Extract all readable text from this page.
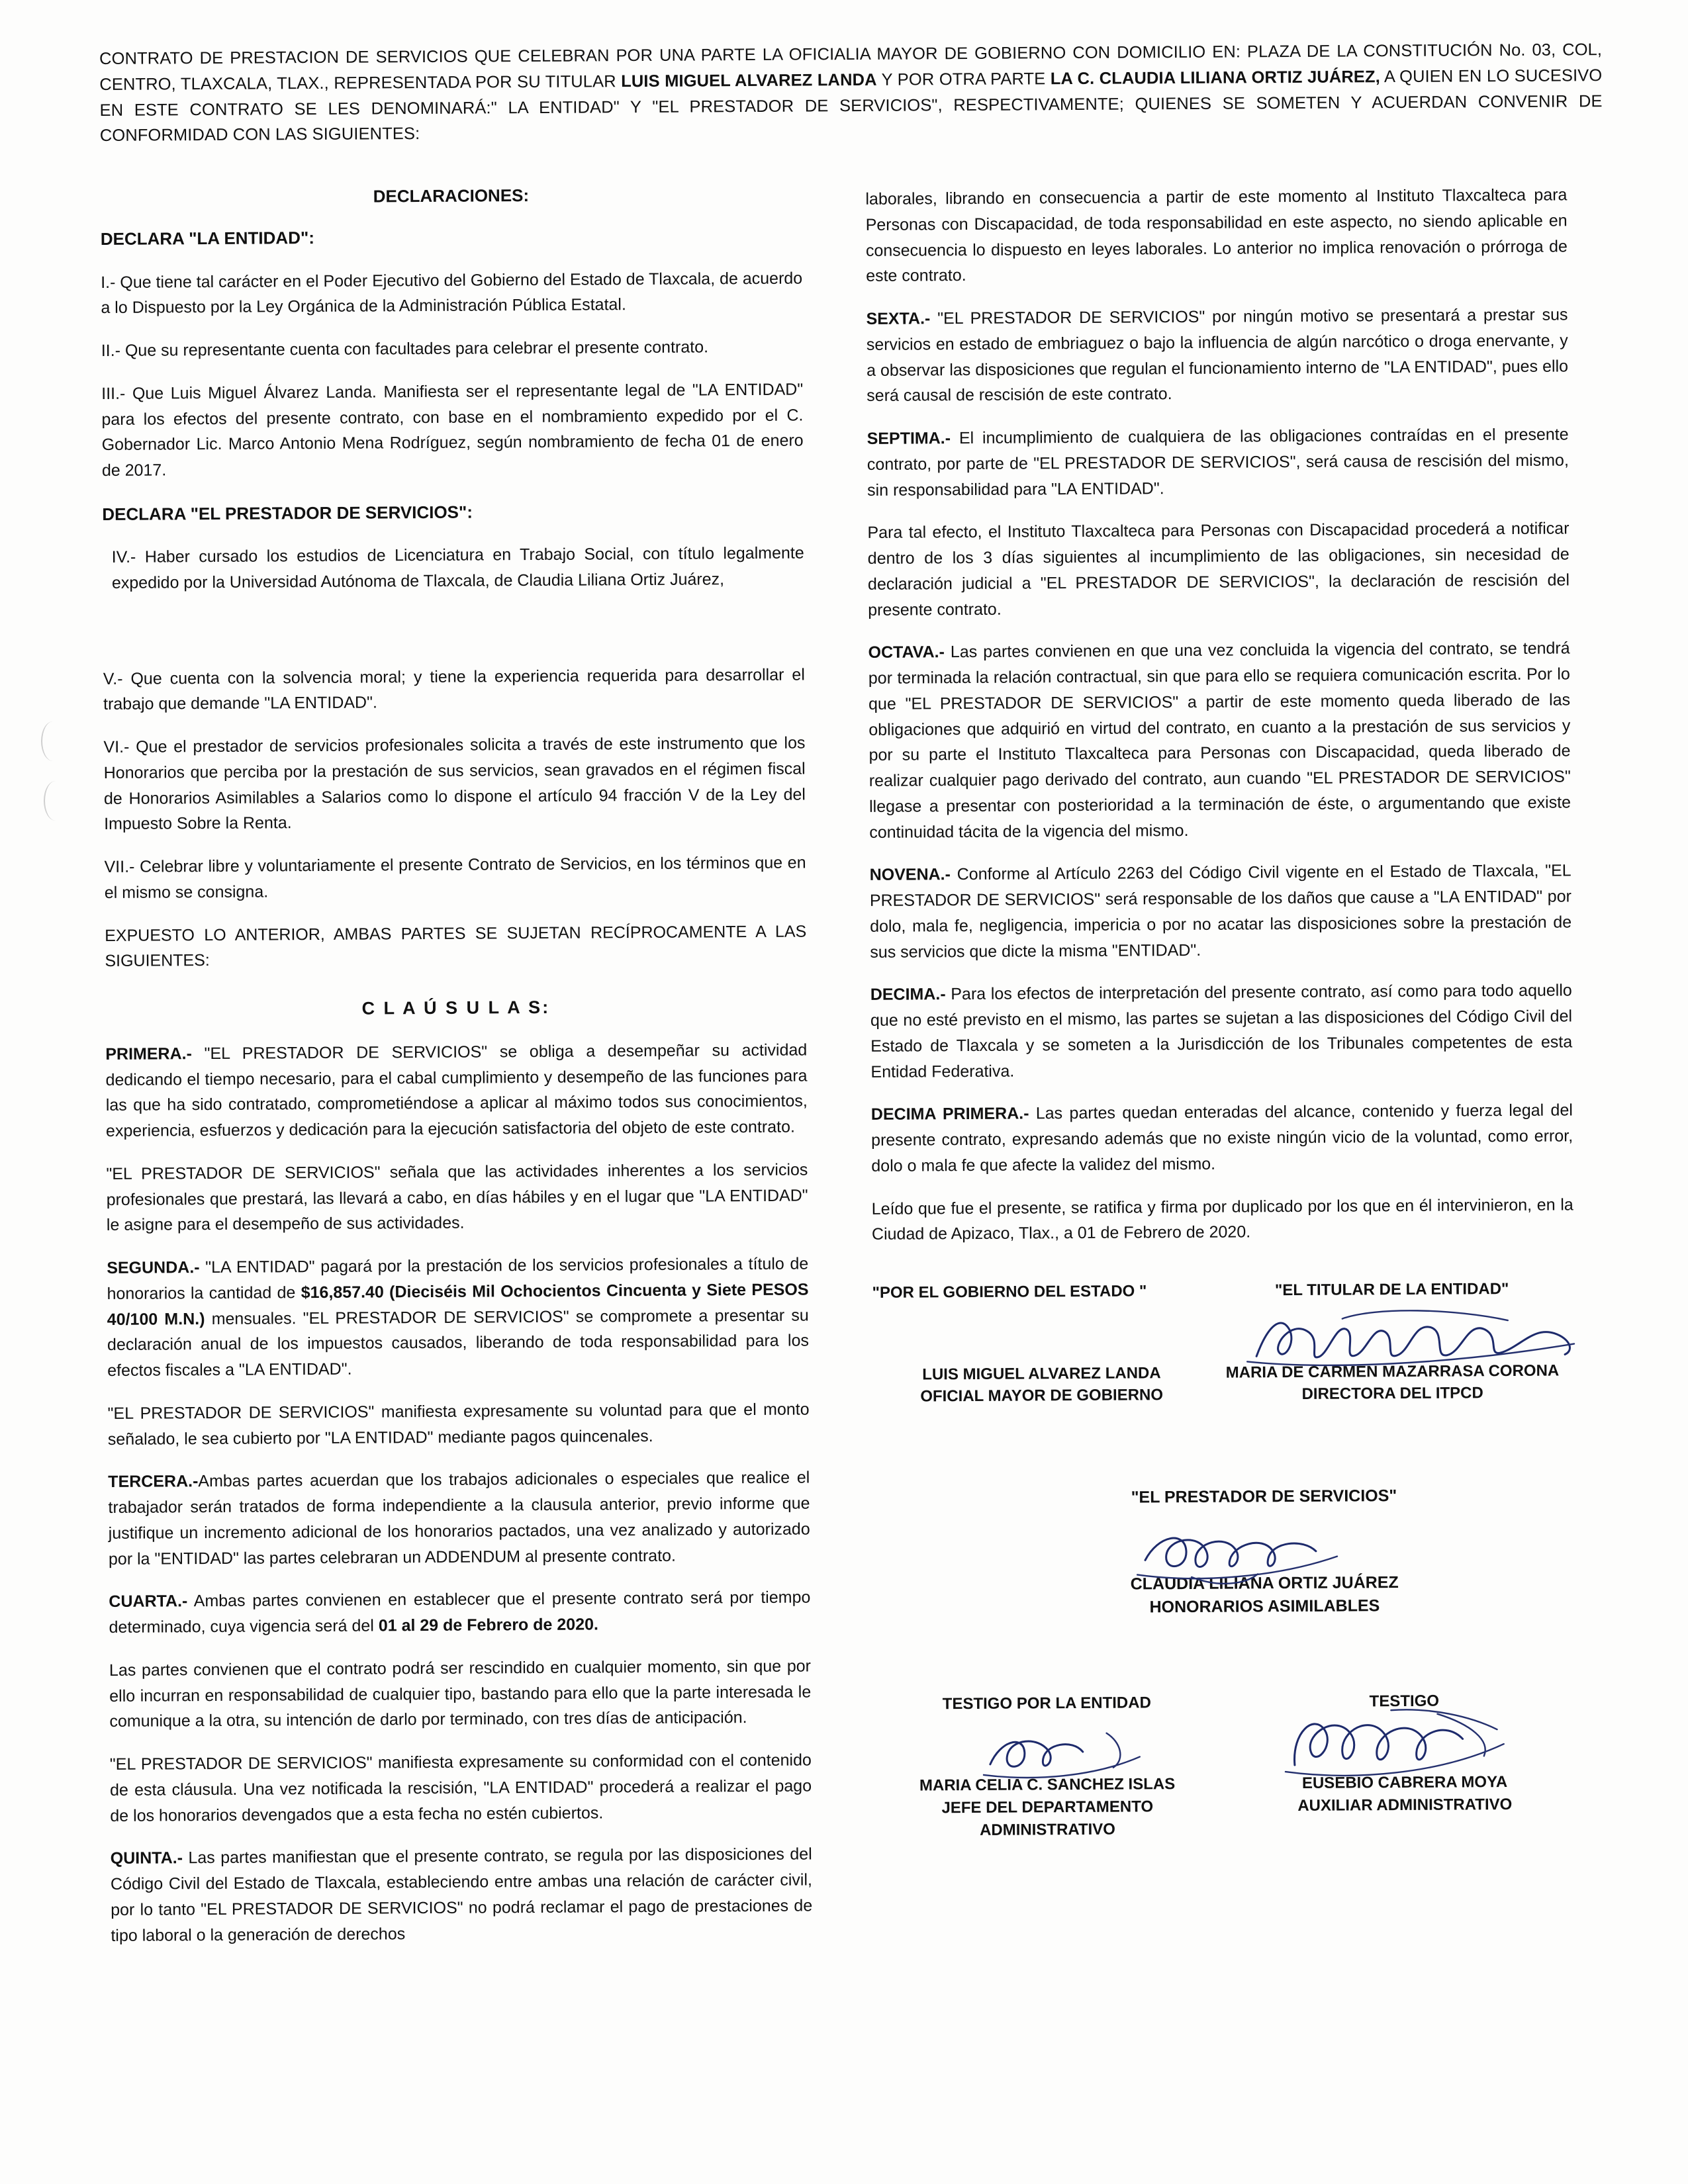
CONTRATO DE PRESTACION DE SERVICIOS QUE CELEBRAN POR UNA PARTE LA OFICIALIA MAYOR DE GOBIERNO CON DOMICILIO EN: PLAZA DE LA CONSTITUCIÓN No. 03, COL, CENTRO, TLAXCALA, TLAX., REPRESENTADA POR SU TITULAR LUIS MIGUEL ALVAREZ LANDA Y POR OTRA PARTE LA C. CLAUDIA LILIANA ORTIZ JUÁREZ, A QUIEN EN LO SUCESIVO EN ESTE CONTRATO SE LES DENOMINARÁ:" LA ENTIDAD" Y "EL PRESTADOR DE SERVICIOS", RESPECTIVAMENTE; QUIENES SE SOMETEN Y ACUERDAN CONVENIR DE CONFORMIDAD CON LAS SIGUIENTES:
DECLARACIONES:
DECLARA "LA ENTIDAD":

I.- Que tiene tal carácter en el Poder Ejecutivo del Gobierno del Estado de Tlaxcala, de acuerdo a lo Dispuesto por la Ley Orgánica de la Administración Pública Estatal.

II.- Que su representante cuenta con facultades para celebrar el presente contrato.

III.- Que Luis Miguel Álvarez Landa. Manifiesta ser el representante legal de "LA ENTIDAD" para los efectos del presente contrato, con base en el nombramiento expedido por el C. Gobernador Lic. Marco Antonio Mena Rodríguez, según nombramiento de fecha 01 de enero de 2017.

DECLARA "EL PRESTADOR DE SERVICIOS":

IV.- Haber cursado los estudios de Licenciatura en Trabajo Social, con título legalmente expedido por la Universidad Autónoma de Tlaxcala, de Claudia Liliana Ortiz Juárez,

V.- Que cuenta con la solvencia moral; y tiene la experiencia requerida para desarrollar el trabajo que demande "LA ENTIDAD".

VI.- Que el prestador de servicios profesionales solicita a través de este instrumento que los Honorarios que perciba por la prestación de sus servicios, sean gravados en el régimen fiscal de Honorarios Asimilables a Salarios como lo dispone el artículo 94 fracción V de la Ley del Impuesto Sobre la Renta.

VII.- Celebrar libre y voluntariamente el presente Contrato de Servicios, en los términos que en el mismo se consigna.

EXPUESTO LO ANTERIOR, AMBAS PARTES SE SUJETAN RECÍPROCAMENTE A LAS SIGUIENTES:

C L A Ú S U L A S:

PRIMERA.- "EL PRESTADOR DE SERVICIOS" se obliga a desempeñar su actividad dedicando el tiempo necesario, para el cabal cumplimiento y desempeño de las funciones para las que ha sido contratado, comprometiéndose a aplicar al máximo todos sus conocimientos, experiencia, esfuerzos y dedicación para la ejecución satisfactoria del objeto de este contrato.

"EL PRESTADOR DE SERVICIOS" señala que las actividades inherentes a los servicios profesionales que prestará, las llevará a cabo, en días hábiles y en el lugar que "LA ENTIDAD" le asigne para el desempeño de sus actividades.

SEGUNDA.- "LA ENTIDAD" pagará por la prestación de los servicios profesionales a título de honorarios la cantidad de $16,857.40 (Dieciséis Mil Ochocientos Cincuenta y Siete PESOS 40/100 M.N.) mensuales. "EL PRESTADOR DE SERVICIOS" se compromete a presentar su declaración anual de los impuestos causados, liberando de toda responsabilidad para los efectos fiscales a "LA ENTIDAD".

"EL PRESTADOR DE SERVICIOS" manifiesta expresamente su voluntad para que el monto señalado, le sea cubierto por "LA ENTIDAD" mediante pagos quincenales.

TERCERA.-Ambas partes acuerdan que los trabajos adicionales o especiales que realice el trabajador serán tratados de forma independiente a la clausula anterior, previo informe que justifique un incremento adicional de los honorarios pactados, una vez analizado y autorizado por la "ENTIDAD" las partes celebraran un ADDENDUM al presente contrato.

CUARTA.- Ambas partes convienen en establecer que el presente contrato será por tiempo determinado, cuya vigencia será del 01 al 29 de Febrero de 2020.

Las partes convienen que el contrato podrá ser rescindido en cualquier momento, sin que por ello incurran en responsabilidad de cualquier tipo, bastando para ello que la parte interesada le comunique a la otra, su intención de darlo por terminado, con tres días de anticipación.

"EL PRESTADOR DE SERVICIOS" manifiesta expresamente su conformidad con el contenido de esta cláusula. Una vez notificada la rescisión, "LA ENTIDAD" procederá a realizar el pago de los honorarios devengados que a esta fecha no estén cubiertos.

QUINTA.- Las partes manifiestan que el presente contrato, se regula por las disposiciones del Código Civil del Estado de Tlaxcala, estableciendo entre ambas una relación de carácter civil, por lo tanto "EL PRESTADOR DE SERVICIOS" no podrá reclamar el pago de prestaciones de tipo laboral o la generación de derechos

laborales, librando en consecuencia a partir de este momento al Instituto Tlaxcalteca para Personas con Discapacidad, de toda responsabilidad en este aspecto, no siendo aplicable en consecuencia lo dispuesto en leyes laborales. Lo anterior no implica renovación o prórroga de este contrato.

SEXTA.- "EL PRESTADOR DE SERVICIOS" por ningún motivo se presentará a prestar sus servicios en estado de embriaguez o bajo la influencia de algún narcótico o droga enervante, y a observar las disposiciones que regulan el funcionamiento interno de "LA ENTIDAD", pues ello será causal de rescisión de este contrato.

SEPTIMA.- El incumplimiento de cualquiera de las obligaciones contraídas en el presente contrato, por parte de "EL PRESTADOR DE SERVICIOS", será causa de rescisión del mismo, sin responsabilidad para "LA ENTIDAD".

Para tal efecto, el Instituto Tlaxcalteca para Personas con Discapacidad procederá a notificar dentro de los 3 días siguientes al incumplimiento de las obligaciones, sin necesidad de declaración judicial a "EL PRESTADOR DE SERVICIOS", la declaración de rescisión del presente contrato.

OCTAVA.- Las partes convienen en que una vez concluida la vigencia del contrato, se tendrá por terminada la relación contractual, sin que para ello se requiera comunicación escrita. Por lo que "EL PRESTADOR DE SERVICIOS" a partir de este momento queda liberado de las obligaciones que adquirió en virtud del contrato, en cuanto a la prestación de sus servicios y por su parte el Instituto Tlaxcalteca para Personas con Discapacidad, queda liberado de realizar cualquier pago derivado del contrato, aun cuando "EL PRESTADOR DE SERVICIOS" llegase a presentar con posterioridad a la terminación de éste, o argumentando que existe continuidad tácita de la vigencia del mismo.

NOVENA.- Conforme al Artículo 2263 del Código Civil vigente en el Estado de Tlaxcala, "EL PRESTADOR DE SERVICIOS" será responsable de los daños que cause a "LA ENTIDAD" por dolo, mala fe, negligencia, impericia o por no acatar las disposiciones sobre la prestación de sus servicios que dicte la misma "ENTIDAD".

DECIMA.- Para los efectos de interpretación del presente contrato, así como para todo aquello que no esté previsto en el mismo, las partes se sujetan a las disposiciones del Código Civil del Estado de Tlaxcala y se someten a la Jurisdicción de los Tribunales competentes de esta Entidad Federativa.

DECIMA PRIMERA.- Las partes quedan enteradas del alcance, contenido y fuerza legal del presente contrato, expresando además que no existe ningún vicio de la voluntad, como error, dolo o mala fe que afecte la validez del mismo.

Leído que fue el presente, se ratifica y firma por duplicado por los que en él intervinieron, en la Ciudad de Apizaco, Tlax., a 01 de Febrero de 2020.

"POR EL GOBIERNO DEL ESTADO "
LUIS MIGUEL ALVAREZ LANDA
OFICIAL MAYOR DE GOBIERNO
"EL TITULAR DE LA ENTIDAD"
MARIA DE CARMEN MAZARRASA CORONA
DIRECTORA DEL ITPCD
"EL PRESTADOR DE SERVICIOS"
CLAUDIA LILIANA ORTIZ JUÁREZ
HONORARIOS ASIMILABLES
TESTIGO POR LA ENTIDAD
MARIA CELIA C. SANCHEZ ISLAS
JEFE DEL DEPARTAMENTO
ADMINISTRATIVO
TESTIGO
EUSEBIO CABRERA MOYA
AUXILIAR ADMINISTRATIVO
